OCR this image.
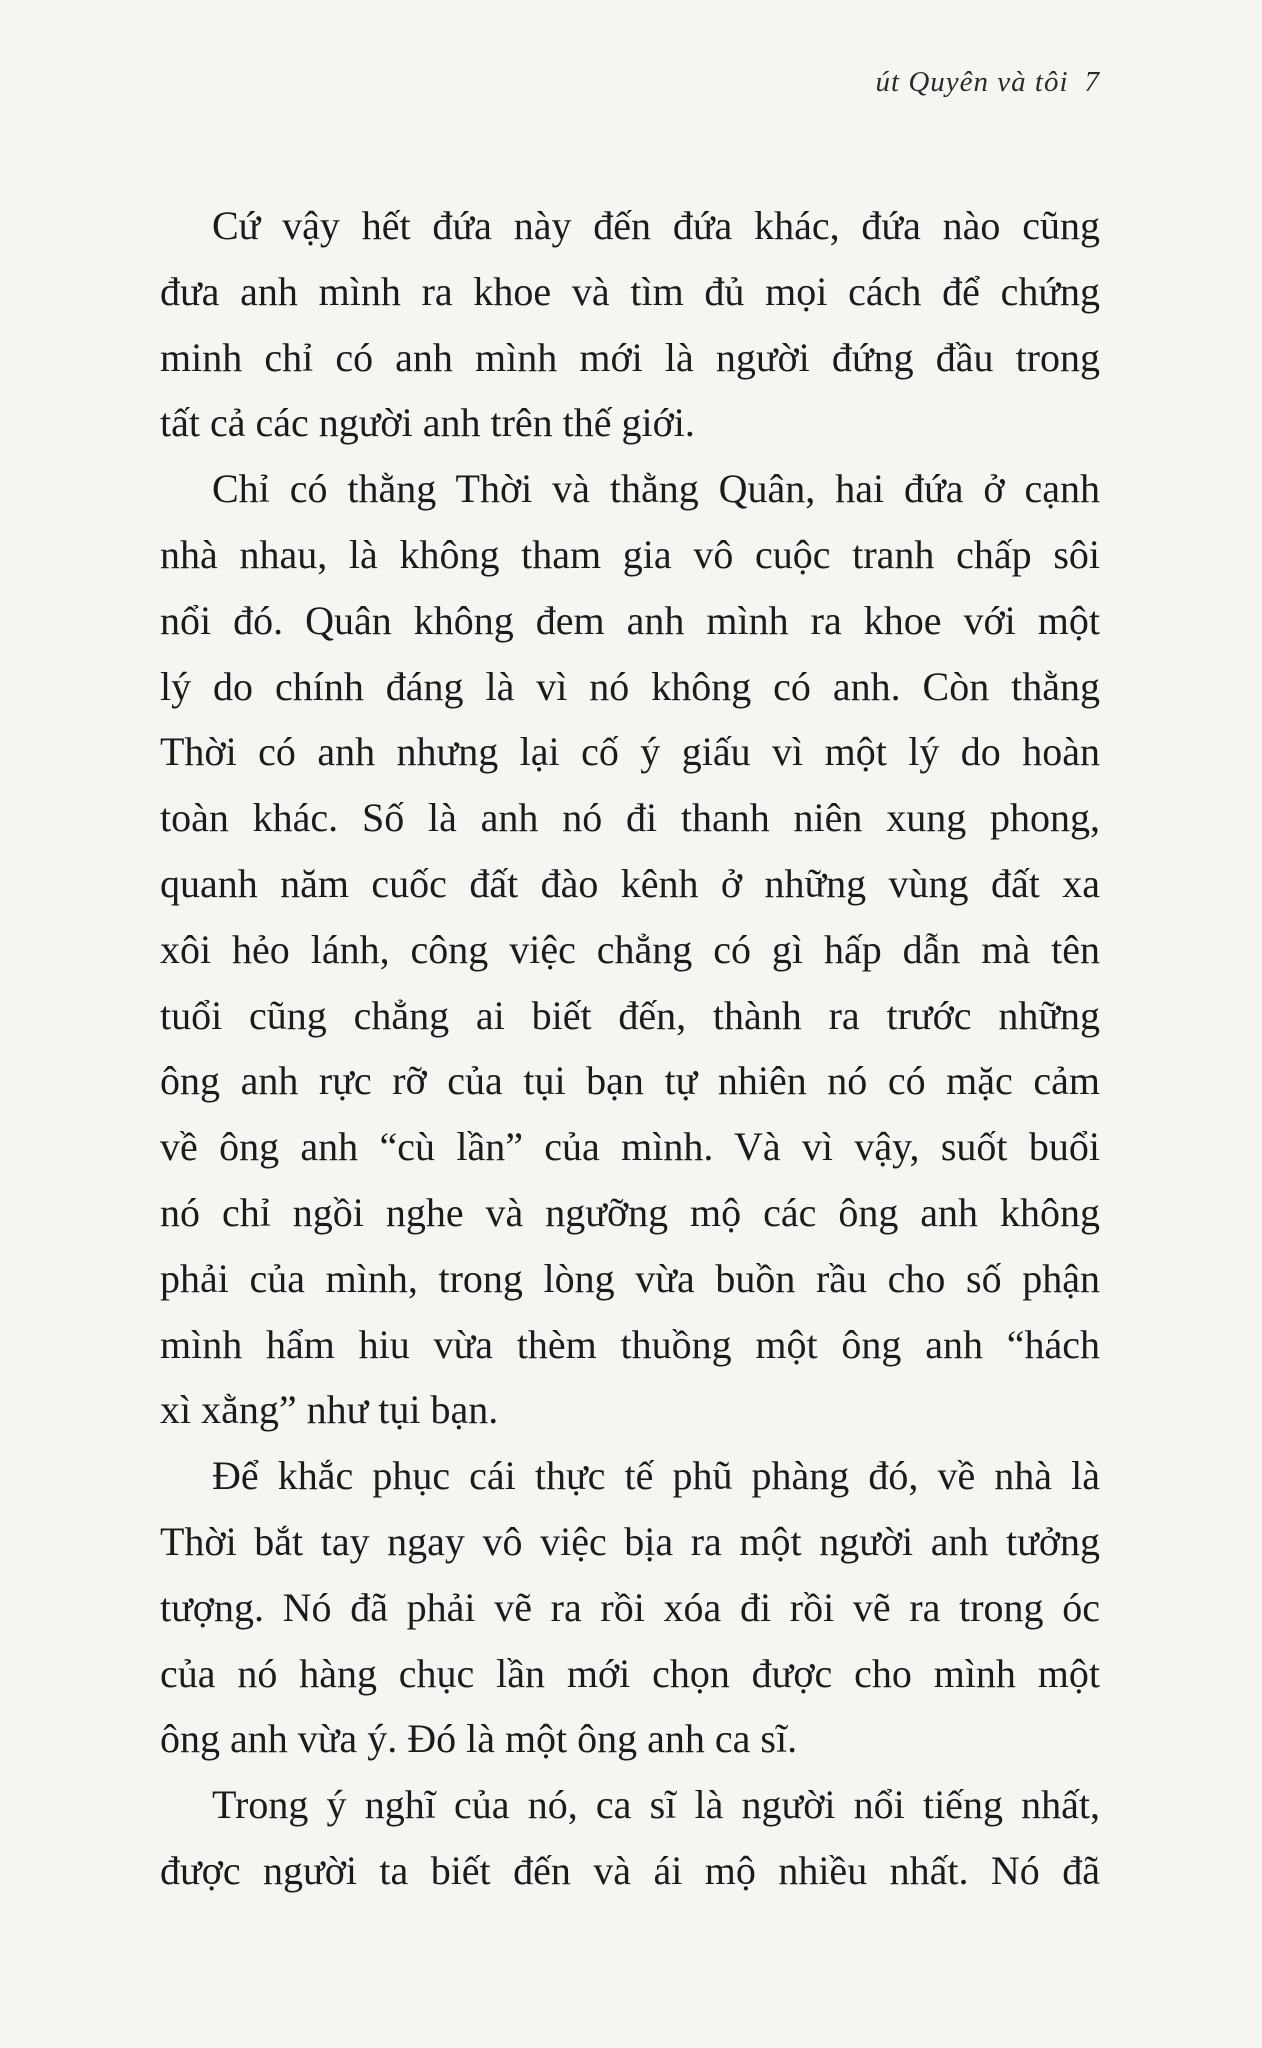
út Quyên và tôi 7
Cứ vậy hết đứa này đến đứa khác, đứa nào cũng
đưa anh mình ra khoe và tìm đủ mọi cách để chứng
minh chỉ có anh mình mới là người đứng đầu trong
tất cả các người anh trên thế giới.
Chỉ có thằng Thời và thằng Quân, hai đứa ở cạnh
nhà nhau, là không tham gia vô cuộc tranh chấp sôi
nổi đó. Quân không đem anh mình ra khoe với một
lý do chính đáng là vì nó không có anh. Còn thằng
Thời có anh nhưng lại cố ý giấu vì một lý do hoàn
toàn khác. Số là anh nó đi thanh niên xung phong,
quanh năm cuốc đất đào kênh ở những vùng đất xa
xôi hẻo lánh, công việc chẳng có gì hấp dẫn mà tên
tuổi cũng chẳng ai biết đến, thành ra trước những
ông anh rực rỡ của tụi bạn tự nhiên nó có mặc cảm
về ông anh “cù lần” của mình. Và vì vậy, suốt buổi
nó chỉ ngồi nghe và ngưỡng mộ các ông anh không
phải của mình, trong lòng vừa buồn rầu cho số phận
mình hẩm hiu vừa thèm thuồng một ông anh “hách
xì xằng” như tụi bạn.
Để khắc phục cái thực tế phũ phàng đó, về nhà là
Thời bắt tay ngay vô việc bịa ra một người anh tưởng
tượng. Nó đã phải vẽ ra rồi xóa đi rồi vẽ ra trong óc
của nó hàng chục lần mới chọn được cho mình một
ông anh vừa ý. Đó là một ông anh ca sĩ.
Trong ý nghĩ của nó, ca sĩ là người nổi tiếng nhất,
được người ta biết đến và ái mộ nhiều nhất. Nó đã
